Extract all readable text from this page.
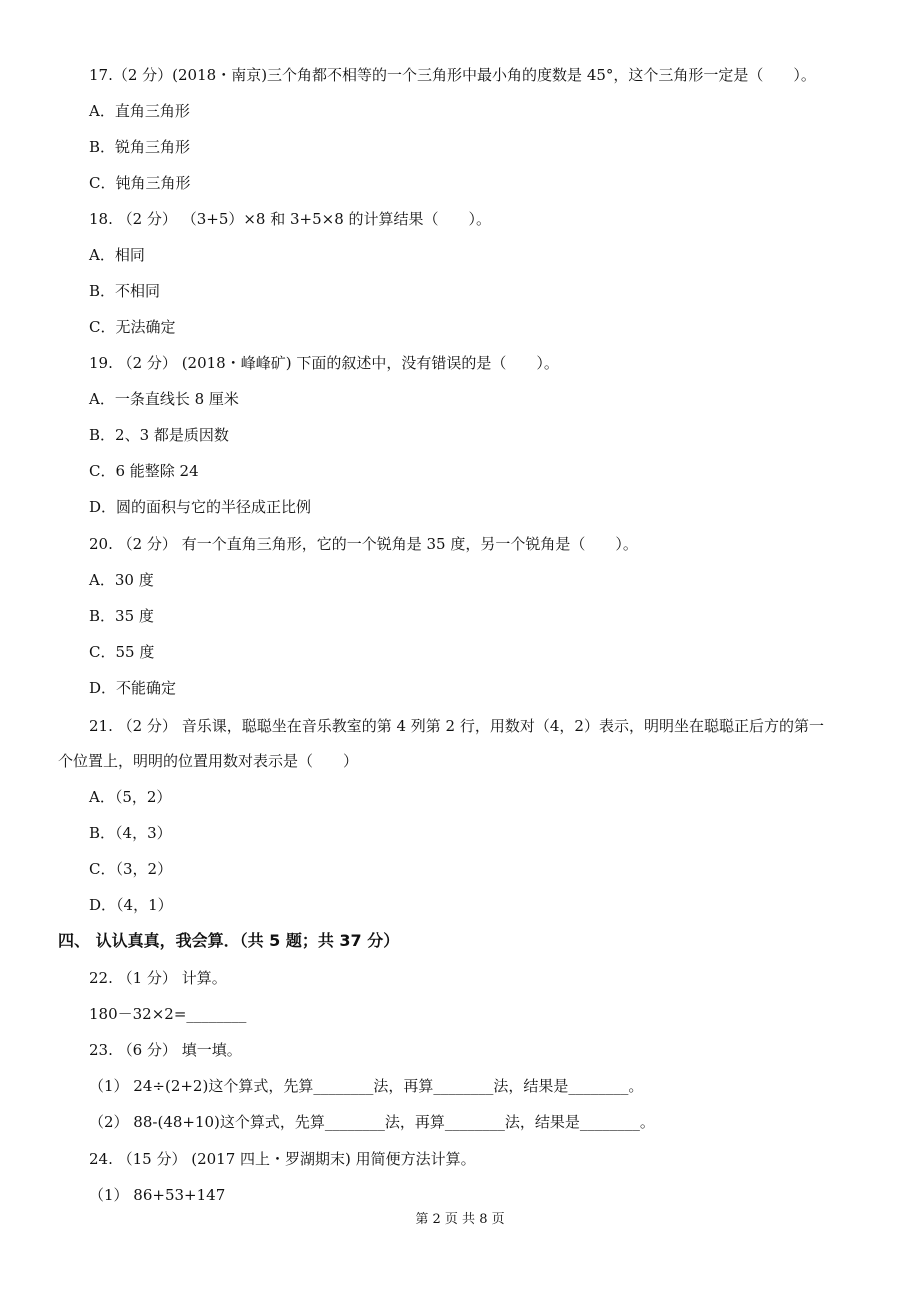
17.（2 分）(2018・南京)三个角都不相等的一个三角形中最小角的度数是 45°，这个三角形一定是（　　）。
A．直角三角形
B．锐角三角形
C．钝角三角形
18. （2 分） （3+5）×8 和 3+5×8 的计算结果（　　）。
A．相同
B．不相同
C．无法确定
19. （2 分） (2018・峰峰矿) 下面的叙述中，没有错误的是（　　）。
A．一条直线长 8 厘米
B．2、3 都是质因数
C．6 能整除 24
D．圆的面积与它的半径成正比例
20. （2 分） 有一个直角三角形，它的一个锐角是 35 度，另一个锐角是（　　）。
A．30 度
B．35 度
C．55 度
D．不能确定
21. （2 分） 音乐课，聪聪坐在音乐教室的第 4 列第 2 行，用数对（4，2）表示，明明坐在聪聪正后方的第一
个位置上，明明的位置用数对表示是（　　）
A．（5，2）
B．（4，3）
C．（3，2）
D．（4，1）
四、 认认真真，我会算．（共 5 题；共 37 分）
22. （1 分） 计算。
180－32×2=________
23. （6 分） 填一填。
（1） 24÷(2+2)这个算式，先算________法，再算________法，结果是________。
（2） 88-(48+10)这个算式，先算________法，再算________法，结果是________。
24. （15 分） (2017 四上・罗湖期末) 用简便方法计算。
（1） 86+53+147
第 2 页 共 8 页
